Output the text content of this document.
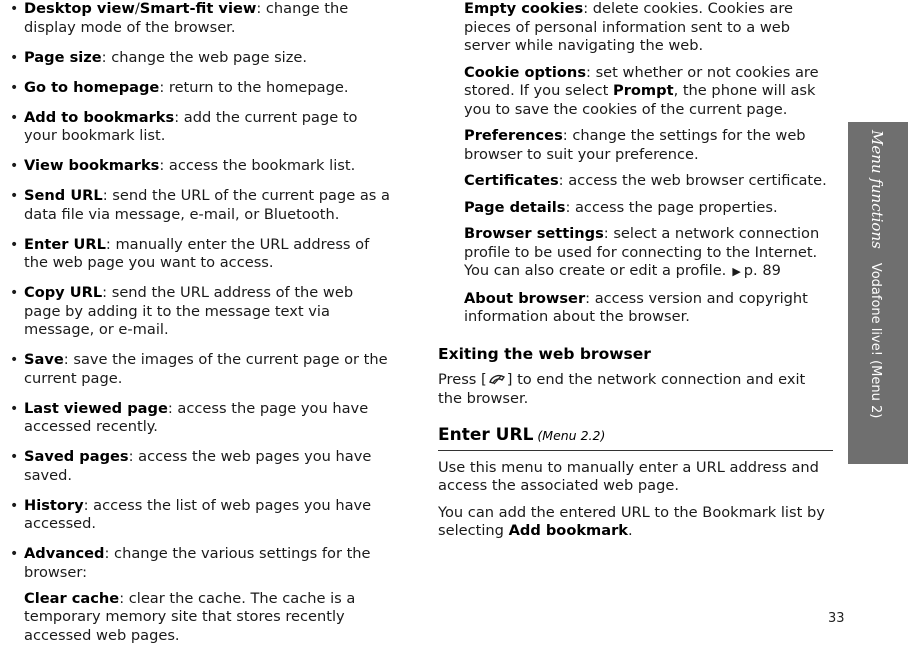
• Desktop view/Smart-fit view: change the display mode of the browser.
• Page size: change the web page size.
• Go to homepage: return to the homepage.
• Add to bookmarks: add the current page to your bookmark list.
• View bookmarks: access the bookmark list.
• Send URL: send the URL of the current page as a data file via message, e-mail, or Bluetooth.
• Enter URL: manually enter the URL address of the web page you want to access.
• Copy URL: send the URL address of the web page by adding it to the message text via message, or e-mail.
• Save: save the images of the current page or the current page.
• Last viewed page: access the page you have accessed recently.
• Saved pages: access the web pages you have saved.
• History: access the list of web pages you have accessed.
• Advanced: change the various settings for the browser:
Clear cache: clear the cache. The cache is a temporary memory site that stores recently accessed web pages.
Empty cookies: delete cookies. Cookies are pieces of personal information sent to a web server while navigating the web.
Cookie options: set whether or not cookies are stored. If you select Prompt, the phone will ask you to save the cookies of the current page.
Preferences: change the settings for the web browser to suit your preference.
Certificates: access the web browser certificate.
Page details: access the page properties.
Browser settings: select a network connection profile to be used for connecting to the Internet. You can also create or edit a profile. ▶ p. 89
About browser: access version and copyright information about the browser.
Exiting the web browser
Press [ ] to end the network connection and exit the browser.
Enter URL (Menu 2.2)
Use this menu to manually enter a URL address and access the associated web page.
You can add the entered URL to the Bookmark list by selecting Add bookmark.
Menu functionsVodafone live! (Menu 2)
33
